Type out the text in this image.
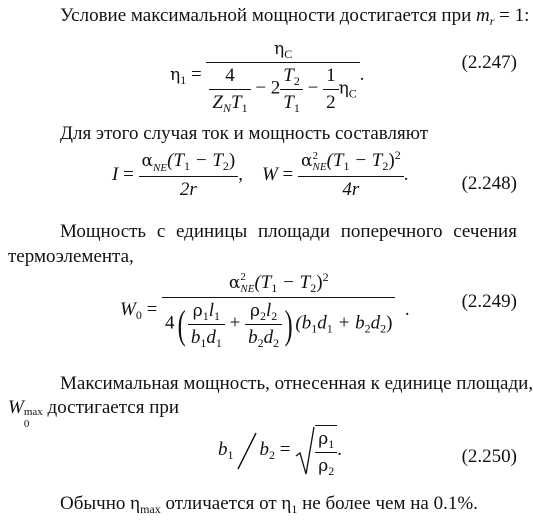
Условие максимальной мощности достигается при $m_r = 1$:
$\eta_1 = \frac{\eta_C}{\frac{4}{Z_NT_1} - 2 \frac{T_2}{T_1} - \frac{1}{2} \eta_C}$ .
(2.247)
Для этого случая ток и мощность составляют
$I = \frac{\alpha NE(T_1 - T_2)}{2r}$ , W = α 2
NE $(T_1 - T_2)^2$
4r .	(2.248)
Мощность с единицы площади поперечного сечения
термоэлемента,
$W_0 = \alpha$ 2
NE $(T_1 - T_2)^2$
$4( \frac{\rho_1l_1}{b_1d_1} + \frac{\rho_2l_2}{b_2d_2}$ ) $(b_1d_1 + b_2d_2)$ .	(2.249)
Максимальная мощность, отнесенная к единице площади,
W max
0
достигается при
$b_1$ $b_2 = \frac{\rho_1}{\rho_2}$ .	(2.250)
Обычно $\eta_{max}$ отличается от $\eta_1$ не более чем на 0.1%.
